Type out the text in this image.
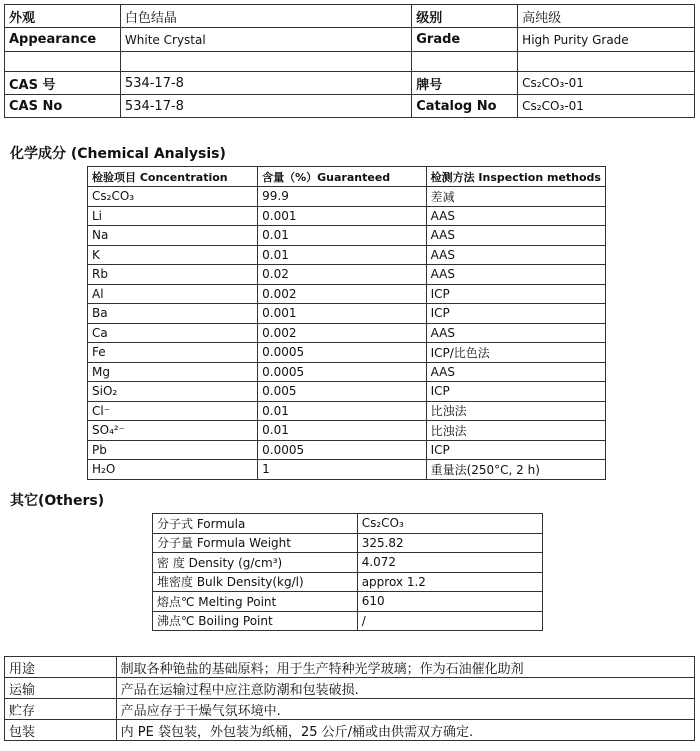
外观	白色结晶	级别	高纯级
Appearance	White Crystal	Grade	High Purity Grade

CAS 号	534-17-8	牌号	Cs₂CO₃-01
CAS No	534-17-8	Catalog No	Cs₂CO₃-01
化学成分 (Chemical Analysis)
检验项目 Concentration	含量（%）Guaranteed	检测方法 Inspection methods
Cs₂CO₃	99.9	差减
Li	0.001	AAS
Na	0.01	AAS
K	0.01	AAS
Rb	0.02	AAS
Al	0.002	ICP
Ba	0.001	ICP
Ca	0.002	AAS
Fe	0.0005	ICP/比色法
Mg	0.0005	AAS
SiO₂	0.005	ICP
Cl⁻	0.01	比浊法
SO₄²⁻	0.01	比浊法
Pb	0.0005	ICP
H₂O	1	重量法(250°C, 2 h)
其它(Others)
分子式 Formula	Cs₂CO₃
分子量 Formula Weight	325.82
密 度 Density (g/cm³)	4.072
堆密度 Bulk Density(kg/l)	approx 1.2
熔点℃ Melting Point	610
沸点℃ Boiling Point	/
用途	制取各种铯盐的基础原料；用于生产特种光学玻璃；作为石油催化助剂
运输	产品在运输过程中应注意防潮和包装破损.
贮存	产品应存于干燥气氛环境中.
包装	内 PE 袋包装，外包装为纸桶，25 公斤/桶或由供需双方确定.
